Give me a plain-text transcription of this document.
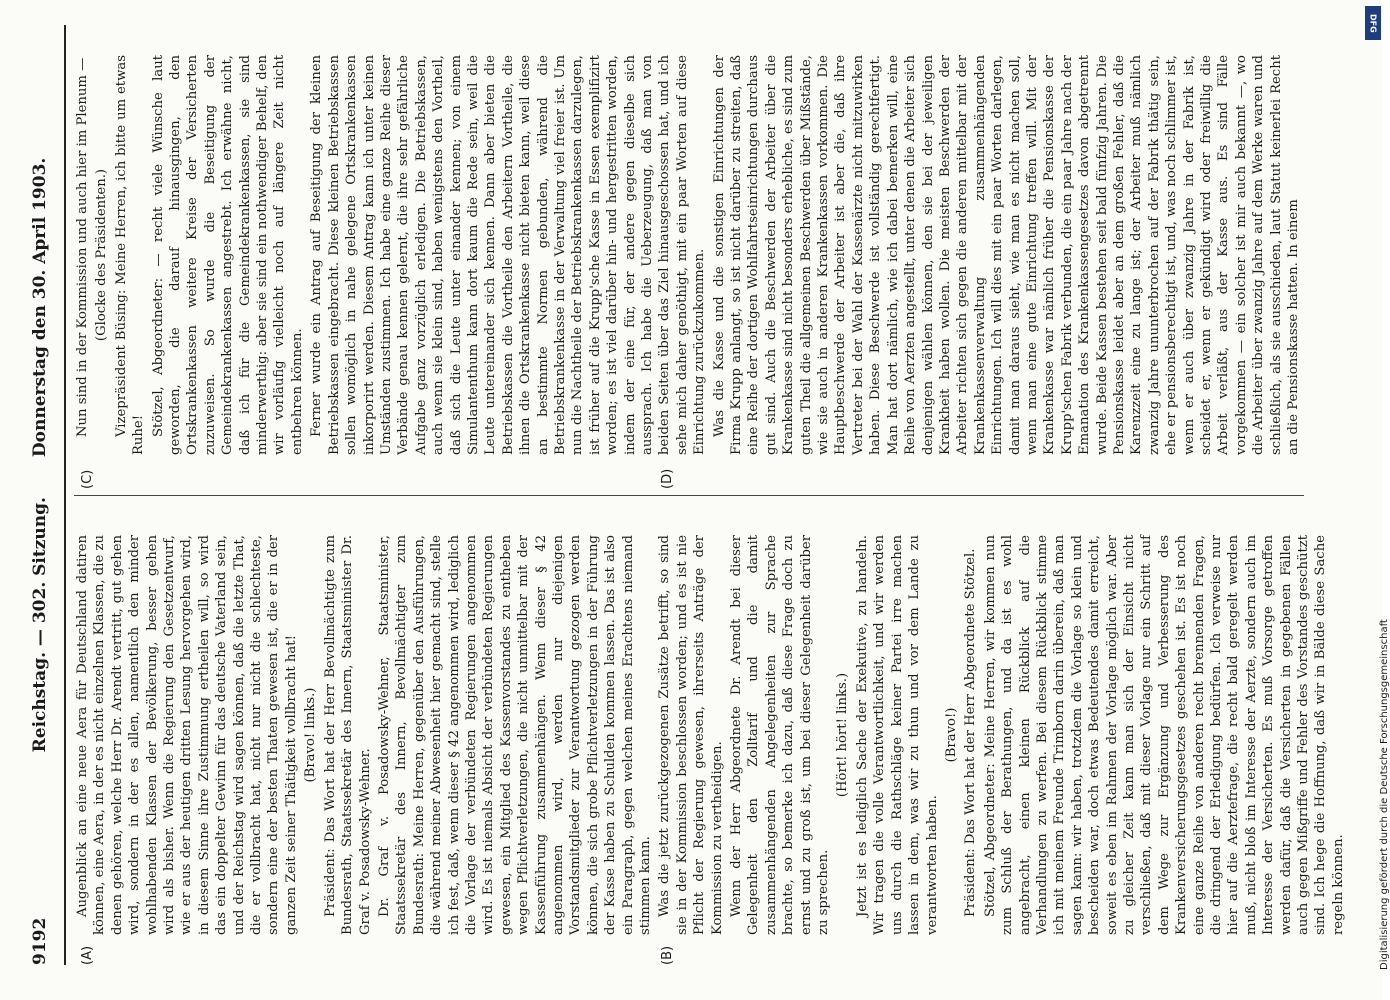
9192
Reichstag. — 302. Sitzung.
Donnerstag den 30. April 1903.
(A)	(B)
(C)	(D)

Augenblick an eine neue Aera für Deutschland datiren können, eine Aera, in der es nicht einzelnen Klassen, die zu denen gehören, welche Herr Dr. Arendt vertritt, gut gehen wird, sondern in der es allen, namentlich den minder wohlhabenden Klassen der Bevölkerung, besser gehen wird als bisher. Wenn die Regierung den Gesetzentwurf, wie er aus der heutigen dritten Lesung hervorgehen wird, in diesem Sinne ihre Zustimmung ertheilen will, so wird das ein doppelter Gewinn für das deutsche Vaterland sein, und der Reichstag wird sagen können, daß die letzte That, die er vollbracht hat, nicht nur nicht die schlechteste, sondern eine der besten Thaten gewesen ist, die er in der ganzen Zeit seiner Thätigkeit vollbracht hat! (Bravo! links.) Präsident: Das Wort hat der Herr Bevollmächtigte zum Bundesrath, Staatssekretär des Innern, Staatsminister Dr. Graf v. Posadowsky-Wehner. Dr. Graf v. Posadowsky-Wehner, Staatsminister, Staatssekretär des Innern, Bevollmächtigter zum Bundesrath: Meine Herren, gegenüber den Ausführungen, die während meiner Abwesenheit hier gemacht sind, stelle ich fest, daß, wenn dieser § 42 angenommen wird, lediglich die Vorlage der verbündeten Regierungen angenommen wird. Es ist niemals Absicht der verbündeten Regierungen gewesen, ein Mitglied des Kassenvorstandes zu entheben wegen Pflichtverletzungen, die nicht unmittelbar mit der Kassenführung zusammenhängen. Wenn dieser § 42 angenommen wird, werden nur diejenigen Vorstandsmitglieder zur Verantwortung gezogen werden können, die sich grobe Pflichtverletzungen in der Führung der Kasse haben zu Schulden kommen lassen. Das ist also ein Paragraph, gegen welchen meines Erachtens niemand stimmen kann. Was die jetzt zurückgezogenen Zusätze betrifft, so sind sie in der Kommission beschlossen worden; und es ist nie Pflicht der Regierung gewesen, ihrerseits Anträge der Kommission zu vertheidigen. Wenn der Herr Abgeordnete Dr. Arendt bei dieser Gelegenheit den Zolltarif und die damit zusammenhängenden Angelegenheiten zur Sprache brachte, so bemerke ich dazu, daß diese Frage doch zu ernst und zu groß ist, um bei dieser Gelegenheit darüber zu sprechen.

(Hört! hört! links.) Jetzt ist es lediglich Sache der Exekutive, zu handeln. Wir tragen die volle Verantwortlichkeit, und wir werden uns durch die Rathschläge keiner Partei irre machen lassen in dem, was wir zu thun und vor dem Lande zu verantworten haben.

(Bravo!) Präsident: Das Wort hat der Herr Abgeordnete Stötzel. Stötzel, Abgeordneter: Meine Herren, wir kommen nun zum Schluß der Berathungen, und da ist es wohl angebracht, einen kleinen Rückblick auf die Verhandlungen zu werfen. Bei diesem Rückblick stimme ich mit meinem Freunde Trimborn darin überein, daß man sagen kann: wir haben, trotzdem die Vorlage so klein und bescheiden war, doch etwas Bedeutendes damit erreicht, soweit es eben im Rahmen der Vorlage möglich war. Aber zu gleicher Zeit kann man sich der Einsicht nicht verschließen, daß mit dieser Vorlage nur ein Schritt auf dem Wege zur Ergänzung und Verbesserung des Krankenversicherungsgesetzes geschehen ist. Es ist noch eine ganze Reihe von anderen recht brennenden Fragen, die dringend der Erledigung bedürfen. Ich verweise nur hier auf die Aerztefrage, die recht bald geregelt werden muß, nicht bloß im Interesse der Aerzte, sondern auch im Interesse der Versicherten. Es muß Vorsorge getroffen werden dafür, daß die Versicherten in gegebenen Fällen auch gegen Mißgriffe und Fehler des Vorstandes geschützt sind. Ich hege die Hoffnung, daß wir in Bälde diese Sache regeln können.

Nun sind in der Kommission und auch hier im Plenum — (Glocke des Präsidenten.) Vizepräsident Büsing: Meine Herren, ich bitte um etwas Ruhe! Stötzel, Abgeordneter: — recht viele Wünsche laut geworden, die darauf hinausgingen, den Ortskrankenkassen weitere Kreise der Versicherten zuzuweisen. So wurde die Beseitigung der Gemeindekrankenkassen angestrebt. Ich erwähne nicht, daß ich für die Gemeindekrankenkassen, sie sind minderwerthig: aber sie sind ein nothwendiger Behelf, den wir vorläufig vielleicht noch auf längere Zeit nicht entbehren können. Ferner wurde ein Antrag auf Beseitigung der kleinen Betriebskassen eingebracht. Diese kleinen Betriebskassen sollen womöglich in nahe gelegene Ortskrankenkassen inkorporirt werden. Diesem Antrag kann ich unter keinen Umständen zustimmen. Ich habe eine ganze Reihe dieser Verbände genau kennen gelernt, die ihre sehr gefährliche Aufgabe ganz vorzüglich erledigen. Die Betriebskassen, auch wenn sie klein sind, haben wenigstens den Vortheil, daß sich die Leute unter einander kennen; von einem Simulantenthum kann dort kaum die Rede sein, weil die Leute untereinander sich kennen. Dann aber bieten die Betriebskassen die Vortheile den Arbeitern Vortheile, die ihnen die Ortskrankenkasse nicht bieten kann, weil diese an bestimmte Normen gebunden, während die Betriebskrankenkasse in der Verwaltung viel freier ist. Um nun die Nachtheile der Betriebskrankenkassen darzulegen, ist früher auf die Krupp'sche Kasse in Essen exemplifizirt worden; es ist viel darüber hin- und hergestritten worden, indem der eine für, der andere gegen dieselbe sich aussprach. Ich habe die Ueberzeugung, daß man von beiden Seiten über das Ziel hinausgeschossen hat, und ich sehe mich daher genöthigt, mit ein paar Worten auf diese Einrichtung zurückzukommen. Was die Kasse und die sonstigen Einrichtungen der Firma Krupp anlangt, so ist nicht darüber zu streiten, daß eine Reihe der dortigen Wohlfahrtseinrichtungen durchaus gut sind. Auch die Beschwerden der Arbeiter über die Krankenkasse sind nicht besonders erhebliche, es sind zum guten Theil die allgemeinen Beschwerden über Mißstände, wie sie auch in anderen Krankenkassen vorkommen. Die Hauptbeschwerde der Arbeiter ist aber die, daß ihre Vertreter bei der Wahl der Kassenärzte nicht mitzuwirken haben. Diese Beschwerde ist vollständig gerechtfertigt. Man hat dort nämlich, wie ich dabei bemerken will, eine Reihe von Aerzten angestellt, unter denen die Arbeiter sich denjenigen wählen können, den sie bei der jeweiligen Krankheit haben wollen. Die meisten Beschwerden der Arbeiter richten sich gegen die anderen mittelbar mit der Krankenkassenverwaltung zusammenhängenden Einrichtungen. Ich will dies mit ein paar Worten darlegen, damit man daraus sieht, wie man es nicht machen soll, wenn man eine gute Einrichtung treffen will. Mit der Krankenkasse war nämlich früher die Pensionskasse der Krupp'schen Fabrik verbunden, die ein paar Jahre nach der Emanation des Krankenkassengesetzes davon abgetrennt wurde. Beide Kassen bestehen seit bald fünfzig Jahren. Die Pensionskasse leidet aber an dem großen Fehler, daß die Karenzzeit eine zu lange ist; der Arbeiter muß nämlich zwanzig Jahre ununterbrochen auf der Fabrik thätig sein, ehe er pensionsberechtigt ist, und, was noch schlimmer ist, wenn er auch über zwanzig Jahre in der Fabrik ist, scheidet er, wenn er gekündigt wird oder freiwillig die Arbeit verläßt, aus der Kasse aus. Es sind Fälle vorgekommen — ein solcher ist mir auch bekannt —, wo die Arbeiter über zwanzig Jahre auf dem Werke waren und schließlich, als sie ausschieden, laut Statut keinerlei Recht an die Pensionskasse hatten. In einem

DFG
Digitalisierung gefördert durch die Deutsche Forschungsgemeinschaft
